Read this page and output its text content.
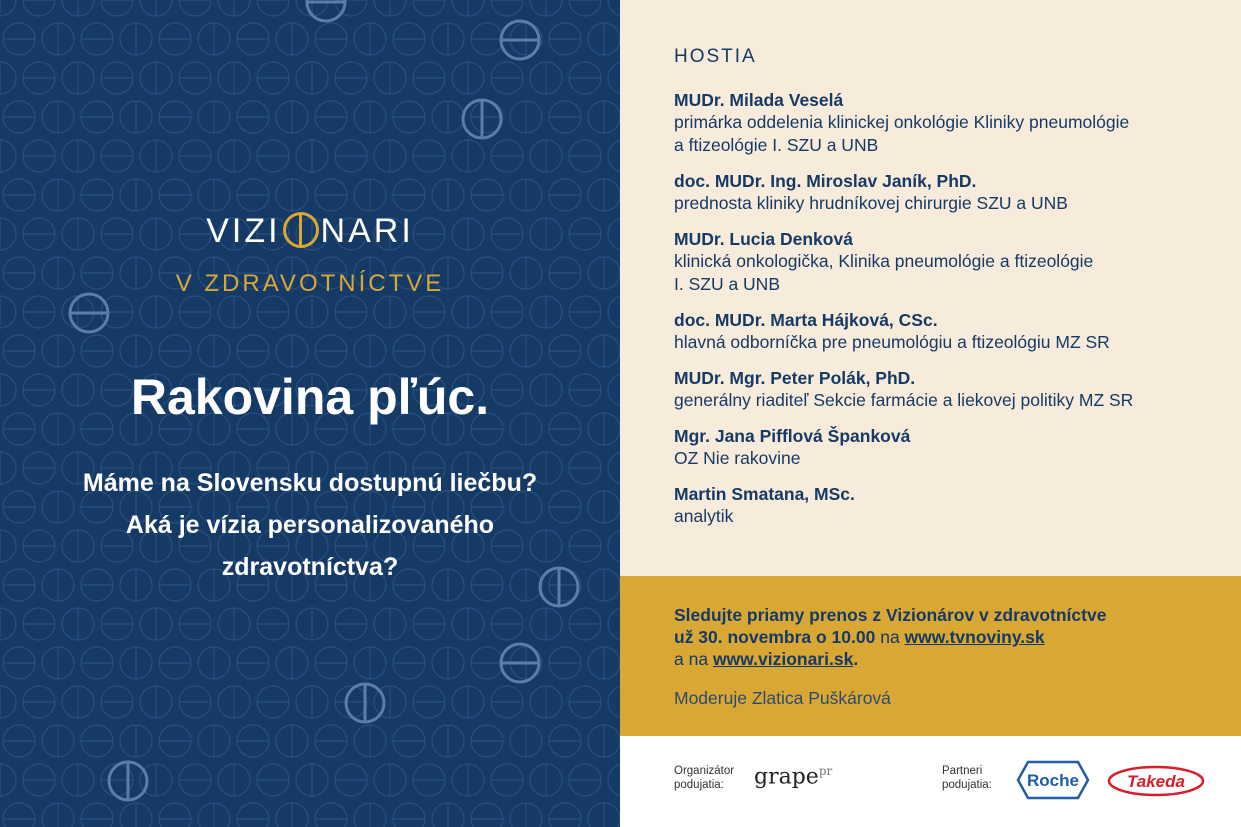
VIZI NARI
V ZDRAVOTNÍCTVE
Rakovina pľúc.
Máme na Slovensku dostupnú liečbu?
Aká je vízia personalizovaného
zdravotníctva?
HOSTIA
MUDr. Milada Veselá
primárka oddelenia klinickej onkológie Kliniky pneumológie
a ftizeológie I. SZU a UNB
doc. MUDr. Ing. Miroslav Janík, PhD.
prednosta kliniky hrudníkovej chirurgie SZU a UNB
MUDr. Lucia Denková
klinická onkologička, Klinika pneumológie a ftizeológie
I. SZU a UNB
doc. MUDr. Marta Hájková, CSc.
hlavná odborníčka pre pneumológiu a ftizeológiu MZ SR
MUDr. Mgr. Peter Polák, PhD.
generálny riaditeľ Sekcie farmácie a liekovej politiky MZ SR
Mgr. Jana Pifflová Španková
OZ Nie rakovine
Martin Smatana, MSc.
analytik
Sledujte priamy prenos z Vizionárov v zdravotníctve
už 30. novembra o 10.00 na www.tvnoviny.sk
a na www.vizionari.sk.
Moderuje Zlatica Puškárová
Organizátor
podujatia:	grape$^{pr}$	Partneri
podujatia: Roche	Takeda
